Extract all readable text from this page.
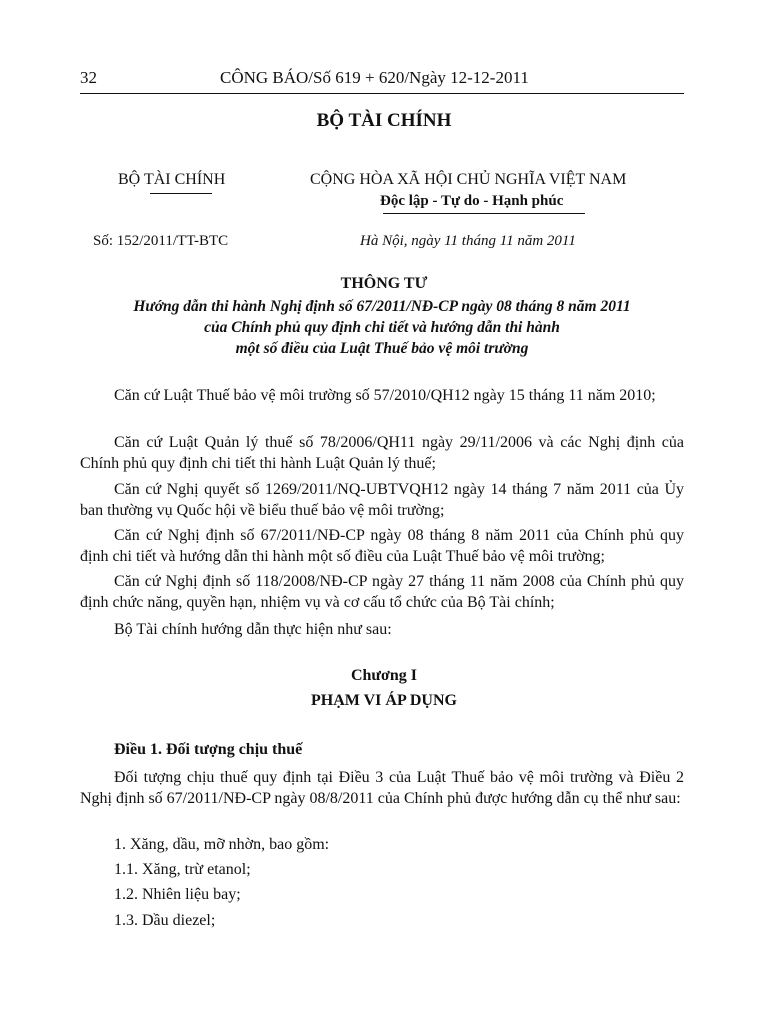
32	CÔNG BÁO/Số 619 + 620/Ngày 12-12-2011
BỘ TÀI CHÍNH
BỘ TÀI CHÍNH	CỘNG HÒA XÃ HỘI CHỦ NGHĨA VIỆT NAM
Độc lập - Tự do - Hạnh phúc
Số: 152/2011/TT-BTC	Hà Nội, ngày 11 tháng 11 năm 2011
THÔNG TƯ
Hướng dẫn thi hành Nghị định số 67/2011/NĐ-CP ngày 08 tháng 8 năm 2011
của Chính phủ quy định chi tiết và hướng dẫn thi hành
một số điều của Luật Thuế bảo vệ môi trường
Căn cứ Luật Thuế bảo vệ môi trường số 57/2010/QH12 ngày 15 tháng 11 năm 2010;
Căn cứ Luật Quản lý thuế số 78/2006/QH11 ngày 29/11/2006 và các Nghị định của Chính phủ quy định chi tiết thi hành Luật Quản lý thuế;
Căn cứ Nghị quyết số 1269/2011/NQ-UBTVQH12 ngày 14 tháng 7 năm 2011 của Ủy ban thường vụ Quốc hội về biểu thuế bảo vệ môi trường;
Căn cứ Nghị định số 67/2011/NĐ-CP ngày 08 tháng 8 năm 2011 của Chính phủ quy định chi tiết và hướng dẫn thi hành một số điều của Luật Thuế bảo vệ môi trường;
Căn cứ Nghị định số 118/2008/NĐ-CP ngày 27 tháng 11 năm 2008 của Chính phủ quy định chức năng, quyền hạn, nhiệm vụ và cơ cấu tổ chức của Bộ Tài chính;
Bộ Tài chính hướng dẫn thực hiện như sau:
Chương I
PHẠM VI ÁP DỤNG
Điều 1. Đối tượng chịu thuế
Đối tượng chịu thuế quy định tại Điều 3 của Luật Thuế bảo vệ môi trường và Điều 2 Nghị định số 67/2011/NĐ-CP ngày 08/8/2011 của Chính phủ được hướng dẫn cụ thể như sau:
1. Xăng, dầu, mỡ nhờn, bao gồm:
1.1. Xăng, trừ etanol;
1.2. Nhiên liệu bay;
1.3. Dầu diezel;
